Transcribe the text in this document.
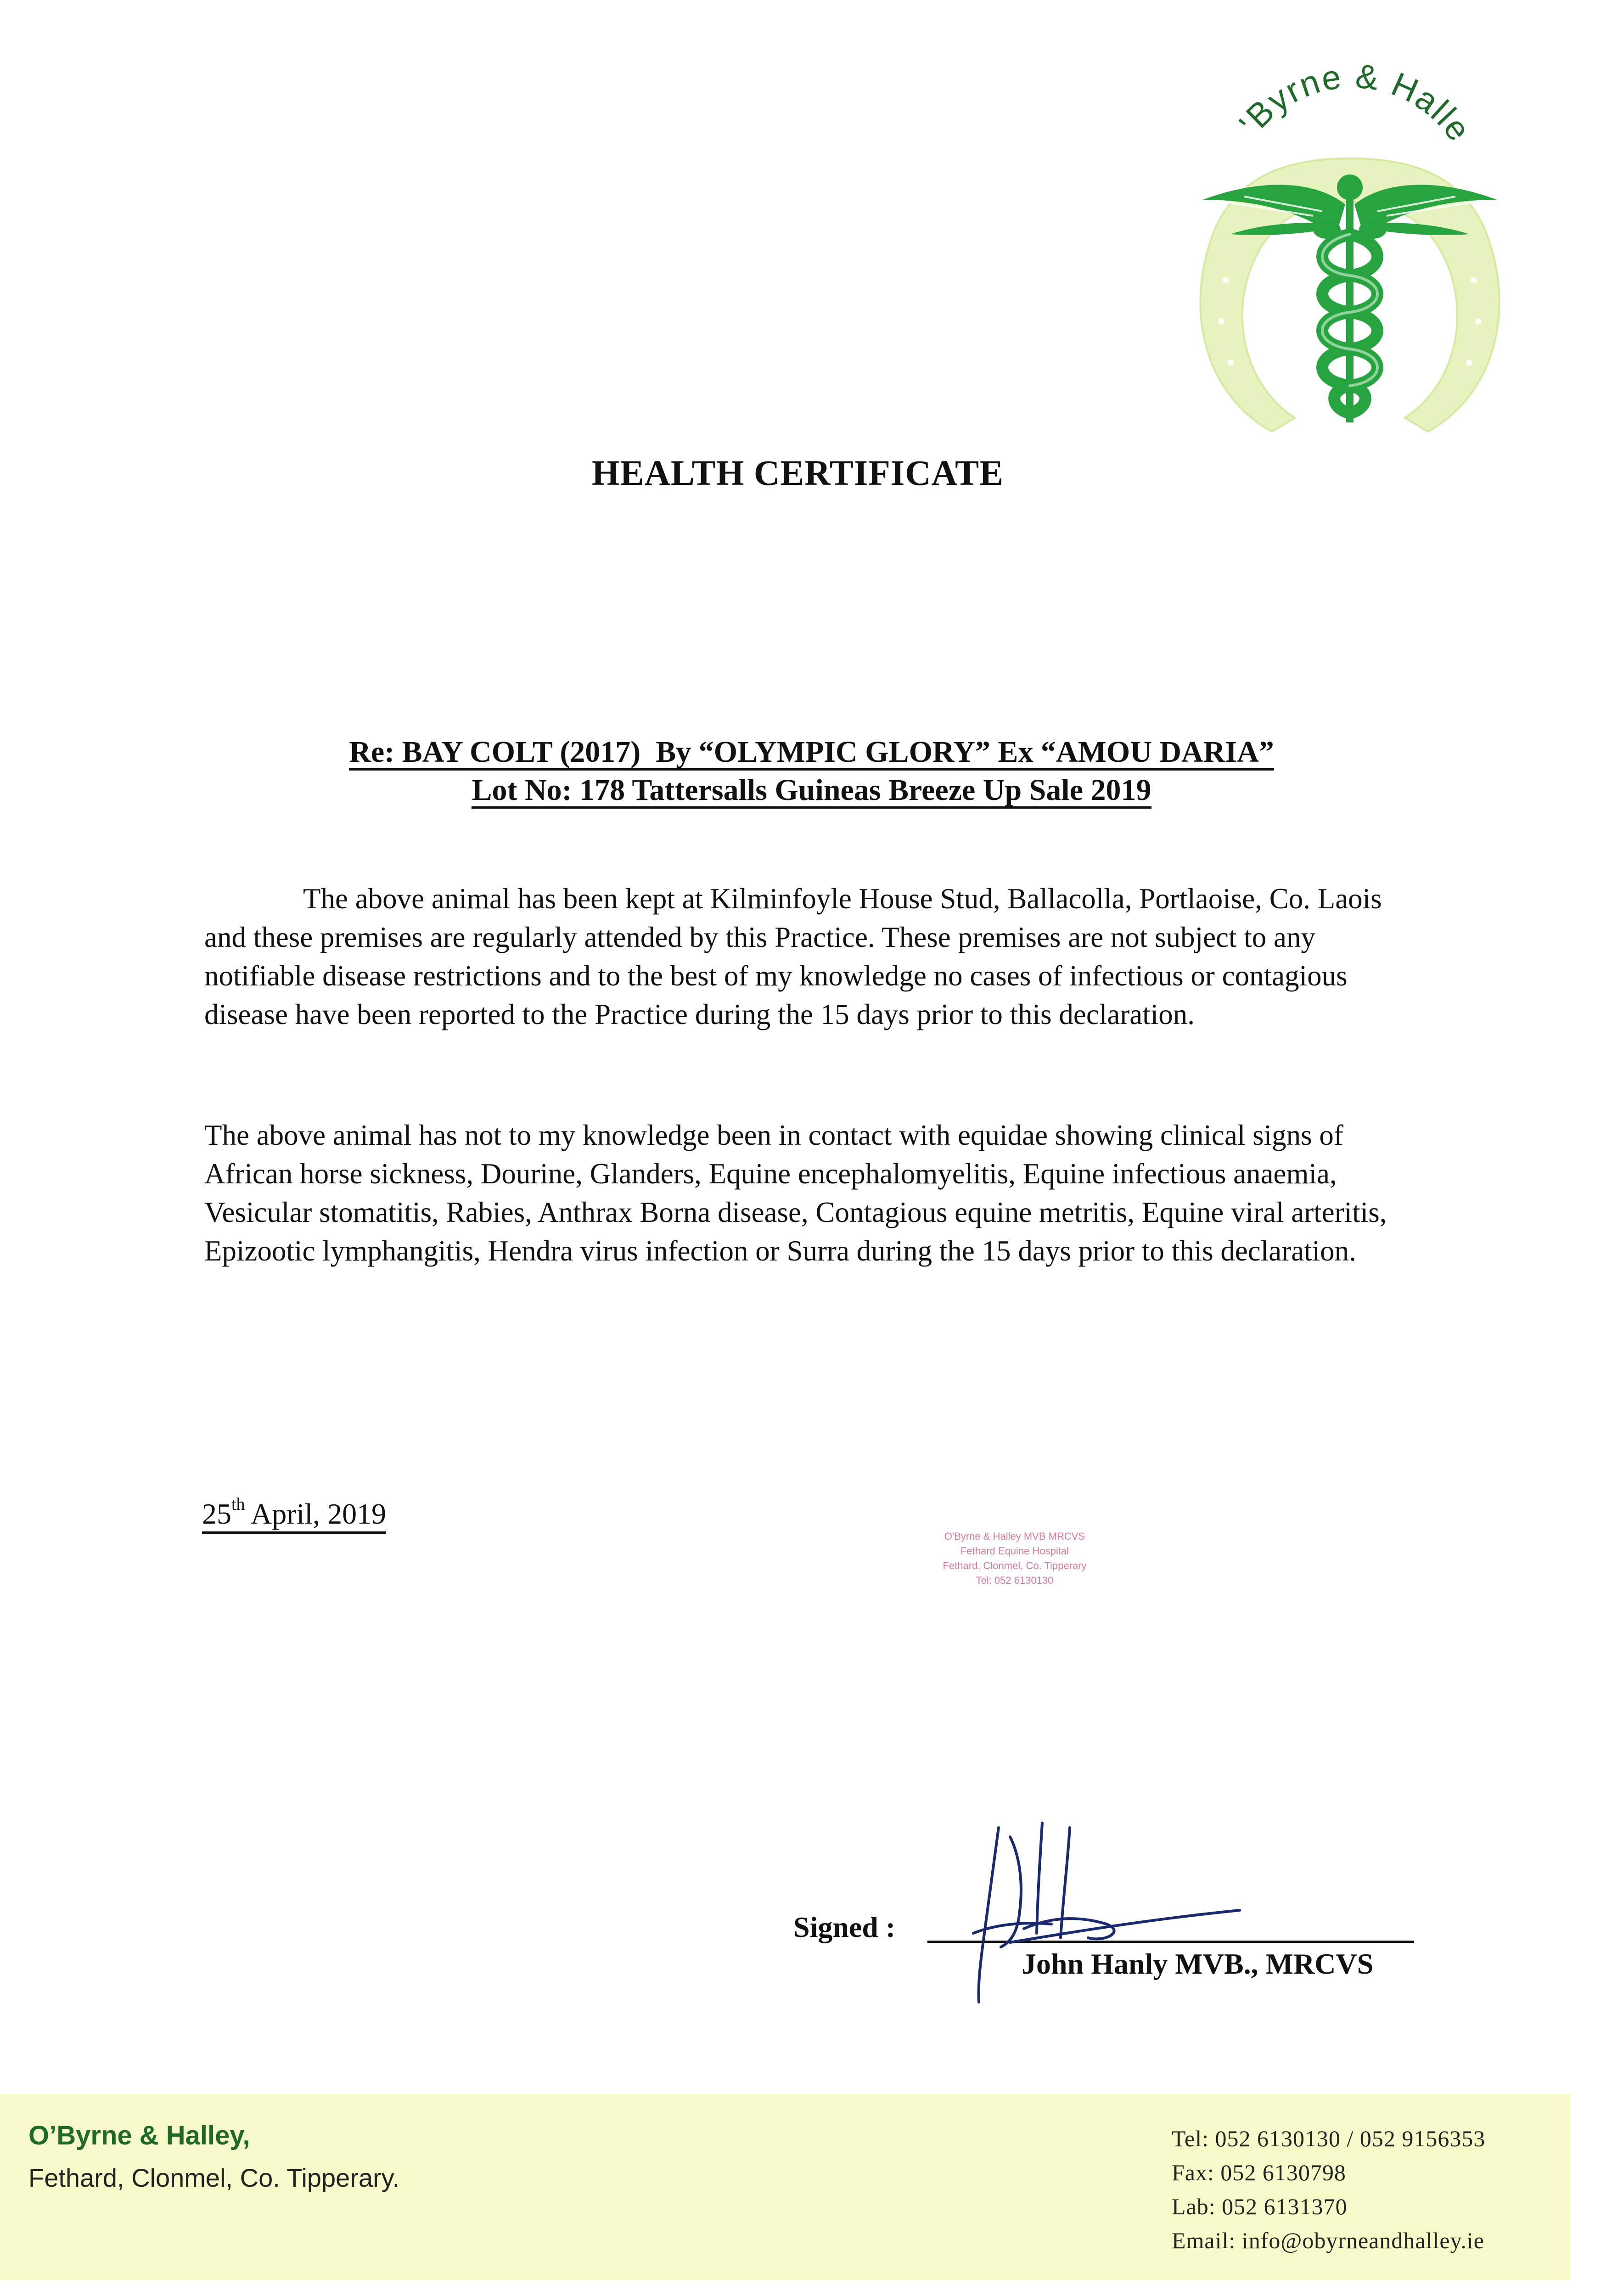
'Byrne & Halle
HEALTH CERTIFICATE
Re: BAY COLT (2017)  By “OLYMPIC GLORY” Ex “AMOU DARIA”
Lot No: 178 Tattersalls Guineas Breeze Up Sale 2019
The above animal has been kept at Kilminfoyle House Stud, Ballacolla, Portlaoise, Co. Laois and these premises are regularly attended by this Practice. These premises are not subject to any notifiable disease restrictions and to the best of my knowledge no cases of infectious or contagious disease have been reported to the Practice during the 15 days prior to this declaration.
The above animal has not to my knowledge been in contact with equidae showing clinical signs of African horse sickness, Dourine, Glanders, Equine encephalomyelitis, Equine infectious anaemia, Vesicular stomatitis, Rabies, Anthrax Borna disease, Contagious equine metritis, Equine viral arteritis, Epizootic lymphangitis, Hendra virus infection or Surra during the 15 days prior to this declaration.
25th April, 2019
O'Byrne & Halley MVB MRCVS
Fethard Equine Hospital
Fethard, Clonmel, Co. Tipperary
Tel: 052 6130130
Signed :
John Hanly MVB., MRCVS
O’Byrne & Halley,
Fethard, Clonmel, Co. Tipperary.
Tel: 052 6130130 / 052 9156353
Fax: 052 6130798
Lab: 052 6131370
Email: info@obyrneandhalley.ie
